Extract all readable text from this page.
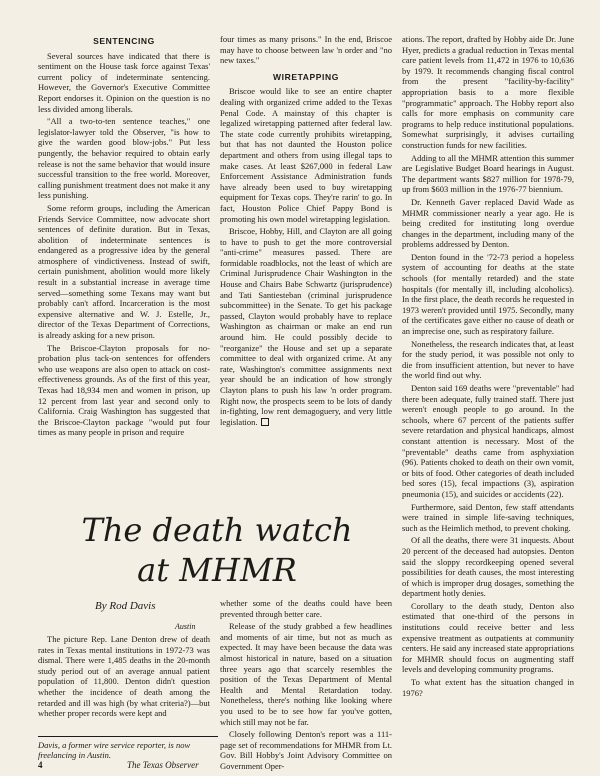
SENTENCING

Several sources have indicated that there is sentiment on the House task force against Texas' current policy of indeterminate sentencing. However, the Governor's Executive Committee Report endorses it. Opinion on the question is no less divided among liberals.

"All a two-to-ten sentence teaches," one legislator-lawyer told the Observer, "is how to give the warden good blow-jobs." Put less pungently, the behavior required to obtain early release is not the same behavior that would insure successful transition to the free world. Moreover, calling punishment treatment does not make it any less punishing.

Some reform groups, including the American Friends Service Committee, now advocate short sentences of definite duration. But in Texas, abolition of indeterminate sentences is endangered as a progressive idea by the general atmosphere of vindictiveness. Instead of swift, certain punishment, abolition would more likely result in a substantial increase in average time served—something some Texans may want but probably can't afford. Incarceration is the most expensive alternative and W. J. Estelle, Jr., director of the Texas Department of Corrections, is already asking for a new prison.

The Briscoe-Clayton proposals for no-probation plus tack-on sentences for offenders who use weapons are also open to attack on cost-effectiveness grounds. As of the first of this year, Texas had 18,934 men and women in prison, up 12 percent from last year and second only to California. Craig Washington has suggested that the Briscoe-Clayton package "would put four times as many people in prison and require

four times as many prisons." In the end, Briscoe may have to choose between law 'n order and "no new taxes."

WIRETAPPING

Briscoe would like to see an entire chapter dealing with organized crime added to the Texas Penal Code. A mainstay of this chapter is legalized wiretapping patterned after federal law. The state code currently prohibits wiretapping, but that has not daunted the Houston police department and others from using illegal taps to make cases. At least $267,000 in federal Law Enforcement Assistance Administration funds have already been used to buy wiretapping equipment for Texas cops. They're rarin' to go. In fact, Houston Police Chief Pappy Bond is promoting his own model wiretapping legislation.

Briscoe, Hobby, Hill, and Clayton are all going to have to push to get the more controversial "anti-crime" measures passed. There are formidable roadblocks, not the least of which are Criminal Jurisprudence Chair Washington in the House and Chairs Babe Schwartz (jurisprudence) and Tati Santiesteban (criminal jurisprudence subcommittee) in the Senate. To get his package passed, Clayton would probably have to replace Washington as chairman or make an end run around him. He could possibly decide to "reorganize" the House and set up a separate committee to deal with organized crime. At any rate, Washington's committee assignments next year should be an indication of how strongly Clayton plans to push his law 'n order program. Right now, the prospects seem to be lots of dandy in-fighting, low rent demagoguery, and very little legislation.

ations. The report, drafted by Hobby aide Dr. June Hyer, predicts a gradual reduction in Texas mental care patient levels from 11,472 in 1976 to 10,636 by 1979. It recommends changing fiscal control from the present "facility-by-facility" appropriation basis to a more flexible "programmatic" approach. The Hobby report also calls for more emphasis on community care programs to help reduce institutional populations. Somewhat surprisingly, it advises curtailing construction funds for new facilities.

Adding to all the MHMR attention this summer are Legislative Budget Board hearings in August. The department wants $827 million for 1978-79, up from $603 million in the 1976-77 biennium.

Dr. Kenneth Gaver replaced David Wade as MHMR commissioner nearly a year ago. He is being credited for instituting long overdue changes in the department, including many of the problems addressed by Denton.

Denton found in the '72-73 period a hopeless system of accounting for deaths at the state schools (for mentally retarded) and the state hospitals (for mentally ill, including alcoholics). In the first place, the death records he requested in 1973 weren't provided until 1975. Secondly, many of the certificates gave either no cause of death or an imprecise one, such as respiratory failure.

Nonetheless, the research indicates that, at least for the study period, it was possible not only to die from insufficient attention, but never to have the world find out why.

Denton said 169 deaths were "preventable" had there been adequate, fully trained staff. There just weren't enough people to go around. In the schools, where 67 percent of the patients suffer severe retardation and physical handicaps, almost constant attention is necessary. Most of the "preventable" deaths came from asphyxiation (96). Patients choked to death on their own vomit, or bits of food. Other categories of death included bed sores (15), fecal impactions (3), aspiration pneumonia (15), and suicides or accidents (22).

Furthermore, said Denton, few staff attendants were trained in simple life-saving techniques, such as the Heimlich method, to prevent choking.

Of all the deaths, there were 31 inquests. About 20 percent of the deceased had autopsies. Denton said the sloppy recordkeeping opened several possibilities for death causes, the most interesting of which is improper drug dosages, something the department hotly denies.

Corollary to the death study, Denton also estimated that one-third of the persons in institutions could receive better and less expensive treatment as outpatients at community centers. He said any increased state appropriations for MHMR should focus on augmenting staff levels and developing community programs.

To what extent has the situation changed in 1976?

The death watch
at MHMR
By Rod Davis
Austin

The picture Rep. Lane Denton drew of death rates in Texas mental institutions in 1972-73 was dismal. There were 1,485 deaths in the 20-month study period out of an average annual patient population of 11,800. Denton didn't question whether the incidence of death among the retarded and ill was high (by what criteria?)—but whether proper records were kept and

whether some of the deaths could have been prevented through better care.

Release of the study grabbed a few headlines and moments of air time, but not as much as expected. It may have been because the data was almost historical in nature, based on a situation three years ago that scarcely resembles the position of the Texas Department of Mental Health and Mental Retardation today. Nonetheless, there's nothing like looking where you used to be to see how far you've gotten, which still may not be far.

Closely following Denton's report was a 111-page set of recommendations for MHMR from Lt. Gov. Bill Hobby's Joint Advisory Committee on Government Oper-

Davis, a former wire service reporter, is now freelancing in Austin.
4	The Texas Observer
